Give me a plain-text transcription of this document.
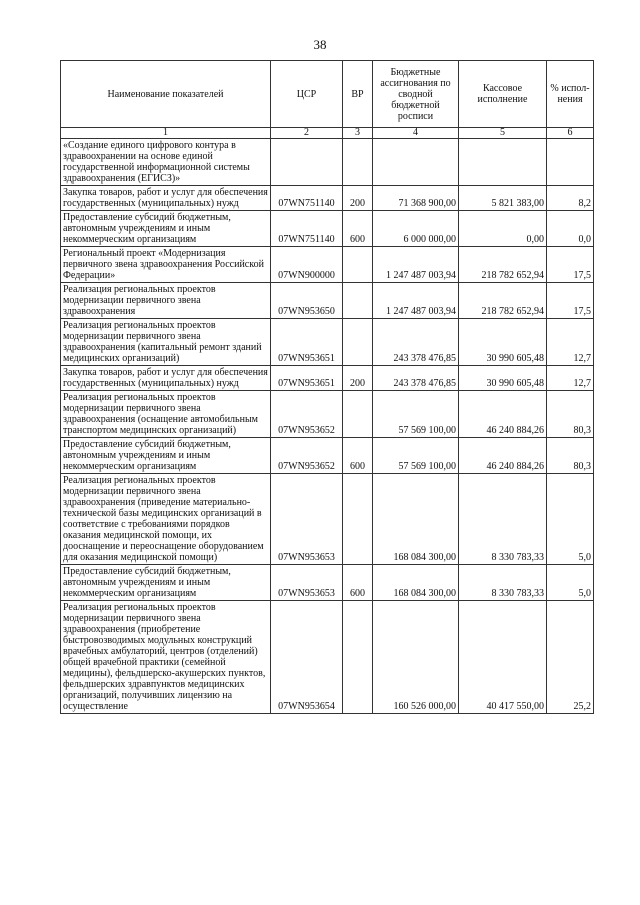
38
Наименование показателей	ЦСР	ВР	Бюджетные ассигнования по сводной бюджетной росписи	Кассовое исполнение	% испол-нения
1	2	3	4	5	6
«Создание единого цифрового контура в здравоохранении на основе единой государственной информационной системы здравоохранения (ЕГИСЗ)»					
Закупка товаров, работ и услуг для обеспечения государственных (муниципальных) нужд	07WN751140	200	71 368 900,00	5 821 383,00	8,2
Предоставление субсидий бюджетным, автономным учреждениям и иным некоммерческим организациям	07WN751140	600	6 000 000,00	0,00	0,0
Региональный проект «Модернизация первичного звена здравоохранения Российской Федерации»	07WN900000		1 247 487 003,94	218 782 652,94	17,5
Реализация региональных проектов модернизации первичного звена здравоохранения	07WN953650		1 247 487 003,94	218 782 652,94	17,5
Реализация региональных проектов модернизации первичного звена здравоохранения (капитальный ремонт зданий медицинских организаций)	07WN953651		243 378 476,85	30 990 605,48	12,7
Закупка товаров, работ и услуг для обеспечения государственных (муниципальных) нужд	07WN953651	200	243 378 476,85	30 990 605,48	12,7
Реализация региональных проектов модернизации первичного звена здравоохранения (оснащение автомобильным транспортом медицинских организаций)	07WN953652		57 569 100,00	46 240 884,26	80,3
Предоставление субсидий бюджетным, автономным учреждениям и иным некоммерческим организациям	07WN953652	600	57 569 100,00	46 240 884,26	80,3
Реализация региональных проектов модернизации первичного звена здравоохранения (приведение материально-технической базы медицинских организаций в соответствие с требованиями порядков оказания медицинской помощи, их дооснащение и переоснащение оборудованием для оказания медицинской помощи)	07WN953653		168 084 300,00	8 330 783,33	5,0
Предоставление субсидий бюджетным, автономным учреждениям и иным некоммерческим организациям	07WN953653	600	168 084 300,00	8 330 783,33	5,0
Реализация региональных проектов модернизации первичного звена здравоохранения (приобретение быстровозводимых модульных конструкций врачебных амбулаторий, центров (отделений) общей врачебной практики (семейной медицины), фельдшерско-акушерских пунктов, фельдшерских здравпунктов медицинских организаций, получивших лицензию на осуществление	07WN953654		160 526 000,00	40 417 550,00	25,2
